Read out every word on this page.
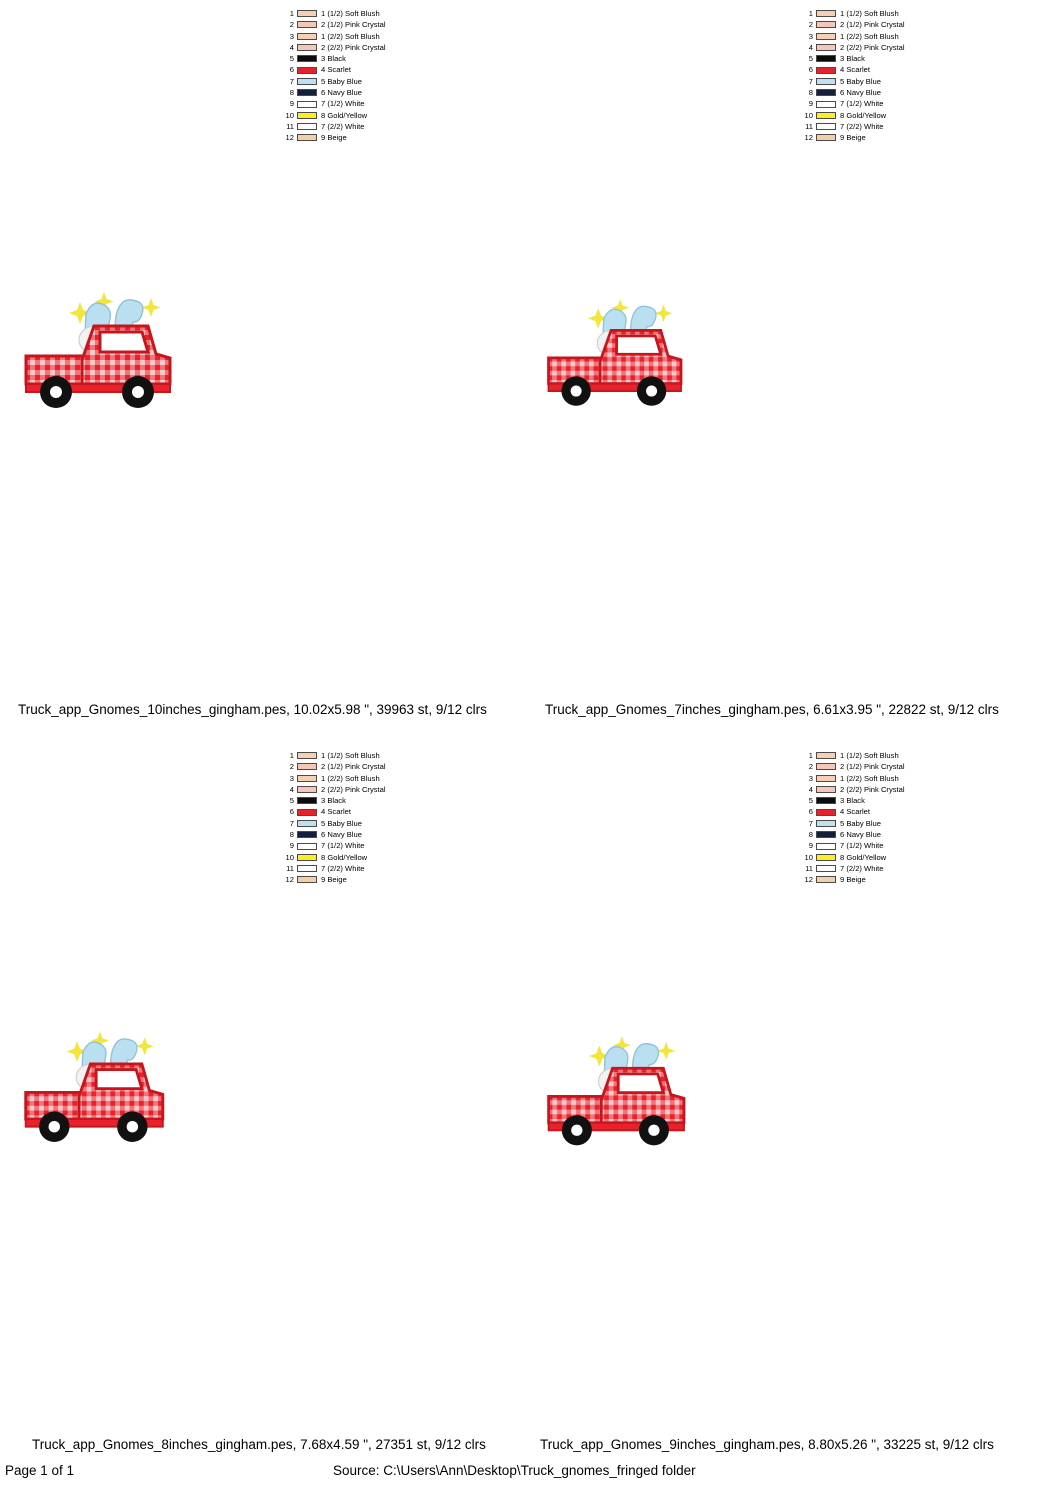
1	1 (1/2) Soft Blush
2	2 (1/2) Pink Crystal
3	1 (2/2) Soft Blush
4	2 (2/2) Pink Crystal
5	3 Black
6	4 Scarlet
7	5 Baby Blue
8	6 Navy Blue
9	7 (1/2) White
10	8 Gold/Yellow
11	7 (2/2) White
12	9 Beige
1	1 (1/2) Soft Blush
2	2 (1/2) Pink Crystal
3	1 (2/2) Soft Blush
4	2 (2/2) Pink Crystal
5	3 Black
6	4 Scarlet
7	5 Baby Blue
8	6 Navy Blue
9	7 (1/2) White
10	8 Gold/Yellow
11	7 (2/2) White
12	9 Beige
1	1 (1/2) Soft Blush
2	2 (1/2) Pink Crystal
3	1 (2/2) Soft Blush
4	2 (2/2) Pink Crystal
5	3 Black
6	4 Scarlet
7	5 Baby Blue
8	6 Navy Blue
9	7 (1/2) White
10	8 Gold/Yellow
11	7 (2/2) White
12	9 Beige
1	1 (1/2) Soft Blush
2	2 (1/2) Pink Crystal
3	1 (2/2) Soft Blush
4	2 (2/2) Pink Crystal
5	3 Black
6	4 Scarlet
7	5 Baby Blue
8	6 Navy Blue
9	7 (1/2) White
10	8 Gold/Yellow
11	7 (2/2) White
12	9 Beige
Truck_app_Gnomes_10inches_gingham.pes, 10.02x5.98 ", 39963 st, 9/12 clrs	Truck_app_Gnomes_7inches_gingham.pes, 6.61x3.95 ", 22822 st, 9/12 clrs
Truck_app_Gnomes_8inches_gingham.pes, 7.68x4.59 ", 27351 st, 9/12 clrs	Truck_app_Gnomes_9inches_gingham.pes, 8.80x5.26 ", 33225 st, 9/12 clrs
Page 1 of 1	Source: C:\Users\Ann\Desktop\Truck_gnomes_fringed folder
